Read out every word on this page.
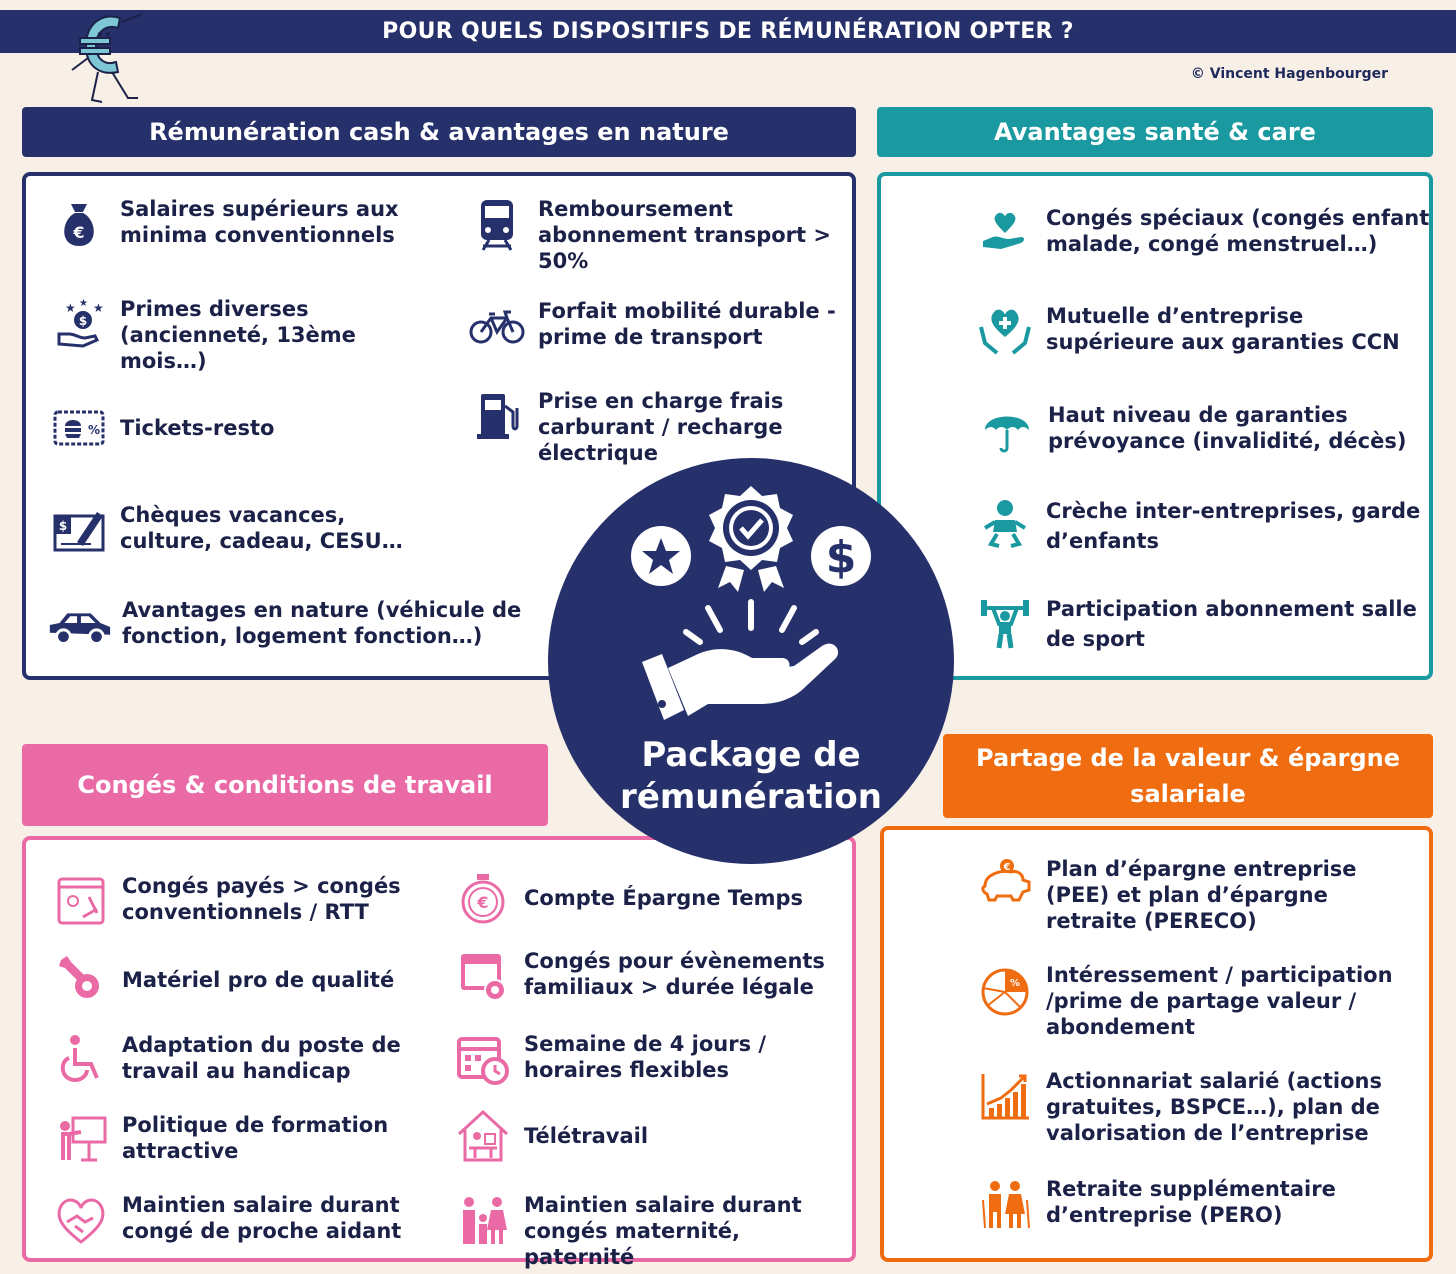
POUR QUELS DISPOSITIFS DE RÉMUNÉRATION OPTER ?
© Vincent Hagenbourger
Rémunération cash & avantages en nature
€
Salaires supérieurs aux minima conventionnels
$
★ ★ ★ Primes diverses (ancienneté, 13ème mois…)
% Tickets-resto
$	Chèques vacances, culture, cadeau, CESU…
Avantages en nature (véhicule de fonction, logement fonction…)
Remboursement abonnement transport > 50%
Forfait mobilité durable - prime de transport
Prise en charge frais carburant / recharge électrique
Avantages santé & care
Congés spéciaux (congés enfant malade, congé menstruel…)
Mutuelle d’entreprise supérieure aux garanties CCN
Haut niveau de garanties prévoyance (invalidité, décès)
Crèche inter-entreprises, garde d’enfants
Participation abonnement salle de sport
Congés & conditions de travail
Congés payés > congés conventionnels / RTT
Matériel pro de qualité
Adaptation du poste de travail au handicap
Politique de formation attractive
Maintien salaire durant congé de proche aidant
€ Compte Épargne Temps
Congés pour évènements familiaux > durée légale
Semaine de 4 jours / horaires flexibles
Télétravail
Maintien salaire durant congés maternité, paternité
Partage de la valeur & épargne salariale
€ Plan d’épargne entreprise (PEE) et plan d’épargne retraite (PERECO)
% Intéressement / participation /prime de partage valeur / abondement
Actionnariat salarié (actions gratuites, BSPCE…), plan de valorisation de l’entreprise
Retraite supplémentaire d’entreprise (PERO)
$
Package de
rémunération
